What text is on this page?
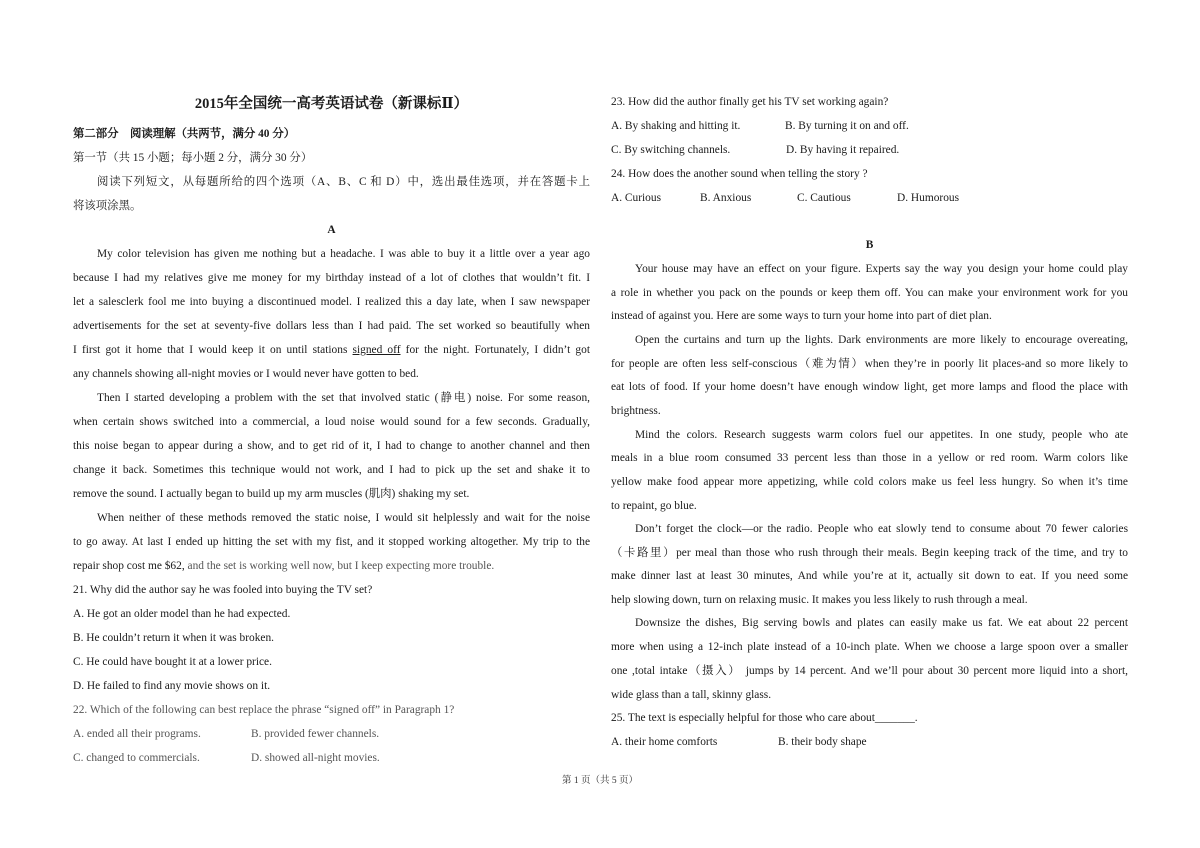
2015年全国统一高考英语试卷（新课标Ⅱ）
第二部分　阅读理解（共两节，满分 40 分）
第一节（共 15 小题；每小题 2 分，满分 30 分）
阅读下列短文，从每题所给的四个选项（A、B、C 和 D）中，选出最佳选项，并在答题卡上
将该项涂黑。
A
My color television has given me nothing but a headache. I was able to buy it a little over a year ago
because I had my relatives give me money for my birthday instead of a lot of clothes that wouldn’t fit. I
let a salesclerk fool me into buying a discontinued model. I realized this a day late, when I saw newspaper
advertisements for the set at seventy-five dollars less than I had paid. The set worked so beautifully when
I first got it home that I would keep it on until stations signed off for the night. Fortunately, I didn’t got
any channels showing all-night movies or I would never have gotten to bed.
Then I started developing a problem with the set that involved static (静电) noise. For some reason,
when certain shows switched into a commercial, a loud noise would sound for a few seconds. Gradually,
this noise began to appear during a show, and to get rid of it, I had to change to another channel and then
change it back. Sometimes this technique would not work, and I had to pick up the set and shake it to
remove the sound. I actually began to build up my arm muscles (肌肉) shaking my set.
When neither of these methods removed the static noise, I would sit helplessly and wait for the noise
to go away. At last I ended up hitting the set with my fist, and it stopped working altogether. My trip to the
repair shop cost me $62, and the set is working well now, but I keep expecting more trouble.
21. Why did the author say he was fooled into buying the TV set?
A. He got an older model than he had expected.
B. He couldn’t return it when it was broken.
C. He could have bought it at a lower price.
D. He failed to find any movie shows on it.
22. Which of the following can best replace the phrase “signed off” in Paragraph 1?
A. ended all their programs.	B. provided fewer channels.
C. changed to commercials.	D. showed all-night movies.
23. How did the author finally get his TV set working again?
A. By shaking and hitting it.	B. By turning it on and off.
C. By switching channels.	D. By having it repaired.
24. How does the another sound when telling the story ?
A. Curious	B. Anxious	C. Cautious	D. Humorous
B
Your house may have an effect on your figure. Experts say the way you design your home could play
a role in whether you pack on the pounds or keep them off. You can make your environment work for you
instead of against you. Here are some ways to turn your home into part of diet plan.
Open the curtains and turn up the lights. Dark environments are more likely to encourage overeating,
for people are often less self-conscious（难为情）when they’re in poorly lit places-and so more likely to
eat lots of food. If your home doesn’t have enough window light, get more lamps and flood the place with
brightness.
Mind the colors. Research suggests warm colors fuel our appetites. In one study, people who ate
meals in a blue room consumed 33 percent less than those in a yellow or red room. Warm colors like
yellow make food appear more appetizing, while cold colors make us feel less hungry. So when it’s time
to repaint, go blue.
Don’t forget the clock—or the radio. People who eat slowly tend to consume about 70 fewer calories
（卡路里）per meal than those who rush through their meals. Begin keeping track of the time, and try to
make dinner last at least 30 minutes, And while you’re at it, actually sit down to eat. If you need some
help slowing down, turn on relaxing music. It makes you less likely to rush through a meal.
Downsize the dishes, Big serving bowls and plates can easily make us fat. We eat about 22 percent
more when using a 12-inch plate instead of a 10-inch plate. When we choose a large spoon over a smaller
one ,total intake（摄入） jumps by 14 percent. And we’ll pour about 30 percent more liquid into a short,
wide glass than a tall, skinny glass.
25. The text is especially helpful for those who care about_______.
A. their home comforts	B. their body shape
第 1 页（共 5 页）
